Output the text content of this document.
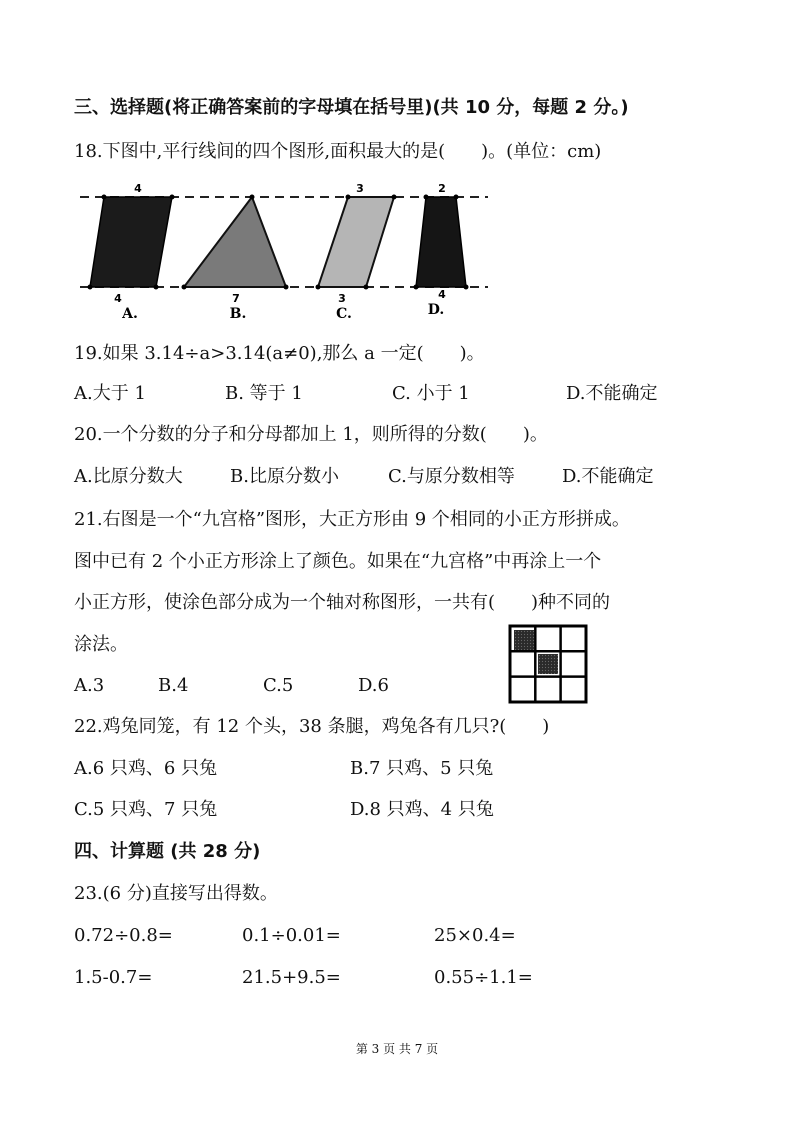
三、选择题(将正确答案前的字母填在括号里)(共 10 分，每题 2 分。)
18.下图中,平行线间的四个图形,面积最大的是(　　)。(单位：cm)
4
4	7
3
3
2
4
A.	B.	C.	D.
19.如果 3.14÷a>3.14(a≠0),那么 a 一定(　　)。
A.大于 1	B. 等于 1	C. 小于 1	D.不能确定
20.一个分数的分子和分母都加上 1，则所得的分数(　　)。
A.比原分数大	B.比原分数小	C.与原分数相等	D.不能确定
21.右图是一个“九宫格”图形，大正方形由 9 个相同的小正方形拼成。
图中已有 2 个小正方形涂上了颜色。如果在“九宫格”中再涂上一个
小正方形，使涂色部分成为一个轴对称图形，一共有(　　)种不同的
涂法。
A.3	B.4	C.5	D.6
22.鸡兔同笼，有 12 个头，38 条腿，鸡兔各有几只?(　　)
A.6 只鸡、6 只兔	B.7 只鸡、5 只兔
C.5 只鸡、7 只兔	D.8 只鸡、4 只兔
四、计算题 (共 28 分)
23.(6 分)直接写出得数。
0.72÷0.8=	0.1÷0.01=	25×0.4=
1.5-0.7=	21.5+9.5=	0.55÷1.1=
第 3 页 共 7 页
